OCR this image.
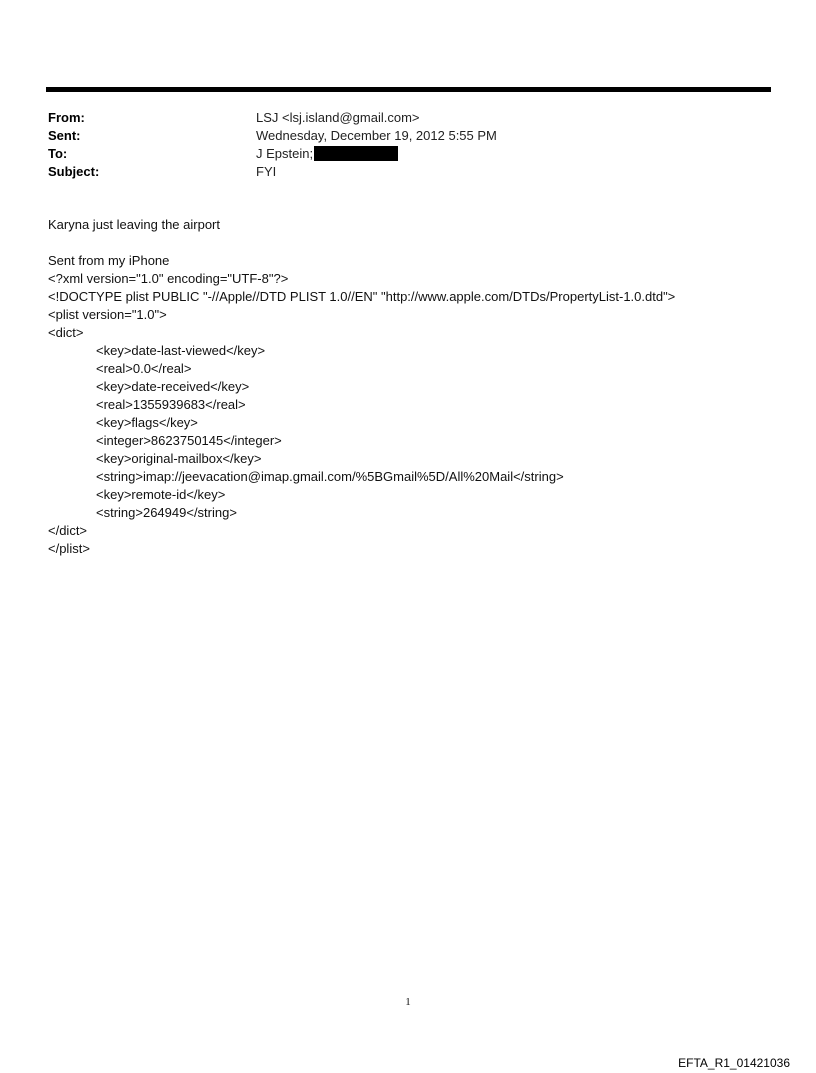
From:	LSJ <lsj.island@gmail.com>
Sent:	Wednesday, December 19, 2012 5:55 PM
To:	J Epstein;
Subject:	FYI
Karyna just leaving the airport
Sent from my iPhone
<?xml version="1.0" encoding="UTF-8"?>
<!DOCTYPE plist PUBLIC "-//Apple//DTD PLIST 1.0//EN" "http://www.apple.com/DTDs/PropertyList-1.0.dtd">
<plist version="1.0">
<dict>
<key>date-last-viewed</key>
<real>0.0</real>
<key>date-received</key>
<real>1355939683</real>
<key>flags</key>
<integer>8623750145</integer>
<key>original-mailbox</key>
<string>imap://jeevacation@imap.gmail.com/%5BGmail%5D/All%20Mail</string>
<key>remote-id</key>
<string>264949</string>
</dict>
</plist>
1
EFTA_R1_01421036
